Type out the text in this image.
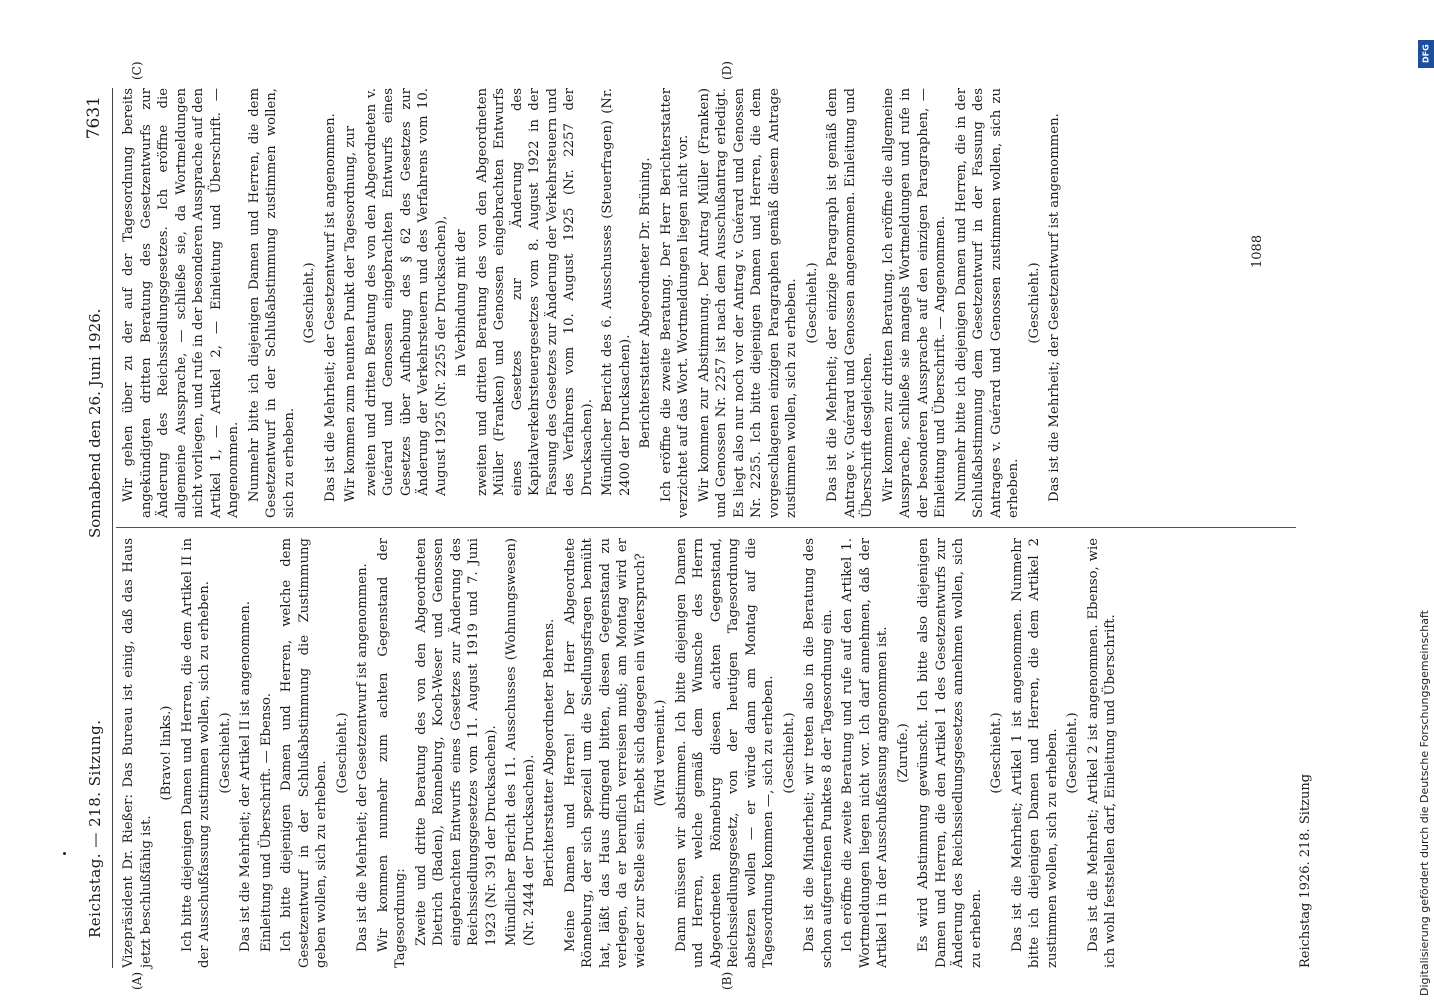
Reichstag. — 218. Sitzung.
Sonnabend den 26. Juni 1926.
7631

Vizepräsident Dr. Rießer: Das Bureau ist einig, daß das Haus jetzt beschlußfähig ist.

(Bravo! links.) Ich bitte diejenigen Damen und Herren, die dem Artikel II in der Ausschußfassung zustimmen wollen, sich zu erheben. (Geschieht.) Das ist die Mehrheit; der Artikel II ist angenommen. Einleitung und Überschrift. — Ebenso. Ich bitte diejenigen Damen und Herren, welche dem Gesetzentwurf in der Schlußabstimmung die Zustimmung geben wollen, sich zu erheben.

(Geschieht.) Das ist die Mehrheit; der Gesetzentwurf ist angenommen. Wir kommen nunmehr zum achten Gegenstand der Tagesordnung: Zweite und dritte Beratung des von den Abgeordneten Dietrich (Baden), Rönneburg, Koch-Weser und Genossen eingebrachten Entwurfs eines Gesetzes zur Änderung des Reichssiedlungsgesetzes vom 11. August 1919 und 7. Juni 1923 (Nr. 391 der Drucksachen). Mündlicher Bericht des 11. Ausschusses (Wohnungswesen) (Nr. 2444 der Drucksachen). Berichterstatter Abgeordneter Behrens. Meine Damen und Herren! Der Herr Abgeordnete Rönneburg, der sich speziell um die Siedlungsfragen bemüht hat, läßt das Haus dringend bitten, diesen Gegenstand zu verlegen, da er beruflich verreisen muß; am Montag wird er wieder zur Stelle sein. Erhebt sich dagegen ein Widerspruch? (Wird verneint.) Dann müssen wir abstimmen. Ich bitte diejenigen Damen und Herren, welche gemäß dem Wunsche des Herrn Abgeordneten Rönneburg diesen achten Gegenstand, Reichssiedlungsgesetz, von der heutigen Tagesordnung absetzen wollen — er würde dann am Montag auf die Tagesordnung kommen —, sich zu erheben. (Geschieht.) Das ist die Minderheit; wir treten also in die Beratung des schon aufgerufenen Punktes 8 der Tagesordnung ein. Ich eröffne die zweite Beratung und rufe auf den Artikel 1. Wortmeldungen liegen nicht vor. Ich darf annehmen, daß der Artikel 1 in der Ausschußfassung angenommen ist. (Zurufe.) Es wird Abstimmung gewünscht. Ich bitte also diejenigen Damen und Herren, die den Artikel 1 des Gesetzentwurfs zur Änderung des Reichssiedlungsgesetzes annehmen wollen, sich zu erheben.

(Geschieht.) Das ist die Mehrheit; Artikel 1 ist angenommen. Nunmehr bitte ich diejenigen Damen und Herren, die dem Artikel 2 zustimmen wollen, sich zu erheben. (Geschieht.) Das ist die Mehrheit; Artikel 2 ist angenommen. Ebenso, wie ich wohl feststellen darf, Einleitung und Überschrift.

Wir gehen über zu der auf der Tagesordnung bereits angekündigten dritten Beratung des Gesetzentwurfs zur Änderung des Reichssiedlungsgesetzes. Ich eröffne die allgemeine Aussprache, — schließe sie, da Wortmeldungen nicht vorliegen, und rufe in der besonderen Aussprache auf den Artikel 1, — Artikel 2, — Einleitung und Überschrift. — Angenommen. Nunmehr bitte ich diejenigen Damen und Herren, die dem Gesetzentwurf in der Schlußabstimmung zustimmen wollen, sich zu erheben.

(Geschieht.) Das ist die Mehrheit; der Gesetzentwurf ist angenommen. Wir kommen zum neunten Punkt der Tagesordnung, zur zweiten und dritten Beratung des von den Abgeordneten v. Guérard und Genossen eingebrachten Entwurfs eines Gesetzes über Aufhebung des § 62 des Gesetzes zur Änderung der Verkehrsteuern und des Verfahrens vom 10. August 1925 (Nr. 2255 der Drucksachen), in Verbindung mit der zweiten und dritten Beratung des von den Abgeordneten Müller (Franken) und Genossen eingebrachten Entwurfs eines Gesetzes zur Änderung des Kapitalverkehrsteuergesetzes vom 8. August 1922 in der Fassung des Gesetzes zur Änderung der Verkehrsteuern und des Verfahrens vom 10. August 1925 (Nr. 2257 der Drucksachen). Mündlicher Bericht des 6. Ausschusses (Steuerfragen) (Nr. 2400 der Drucksachen). Berichterstatter Abgeordneter Dr. Brüning. Ich eröffne die zweite Beratung. Der Herr Berichterstatter verzichtet auf das Wort. Wortmeldungen liegen nicht vor. Wir kommen zur Abstimmung. Der Antrag Müller (Franken) und Genossen Nr. 2257 ist nach dem Ausschußantrag erledigt. Es liegt also nur noch vor der Antrag v. Guérard und Genossen Nr. 2255. Ich bitte diejenigen Damen und Herren, die dem vorgeschlagenen einzigen Paragraphen gemäß diesem Antrage zustimmen wollen, sich zu erheben. (Geschieht.) Das ist die Mehrheit; der einzige Paragraph ist gemäß dem Antrage v. Guérard und Genossen angenommen. Einleitung und Überschrift desgleichen. Wir kommen zur dritten Beratung. Ich eröffne die allgemeine Aussprache, schließe sie mangels Wortmeldungen und rufe in der besonderen Aussprache auf den einzigen Paragraphen, — Einleitung und Überschrift. — Angenommen. Nunmehr bitte ich diejenigen Damen und Herren, die in der Schlußabstimmung dem Gesetzentwurf in der Fassung des Antrages v. Guérard und Genossen zustimmen wollen, sich zu erheben.

(Geschieht.) Das ist die Mehrheit; der Gesetzentwurf ist angenommen.

(A)	(B)
(C)	(D)
Reichstag 1926. 218. Sitzung
1088
DFG
Digitalisierung gefördert durch die Deutsche Forschungsgemeinschaft
